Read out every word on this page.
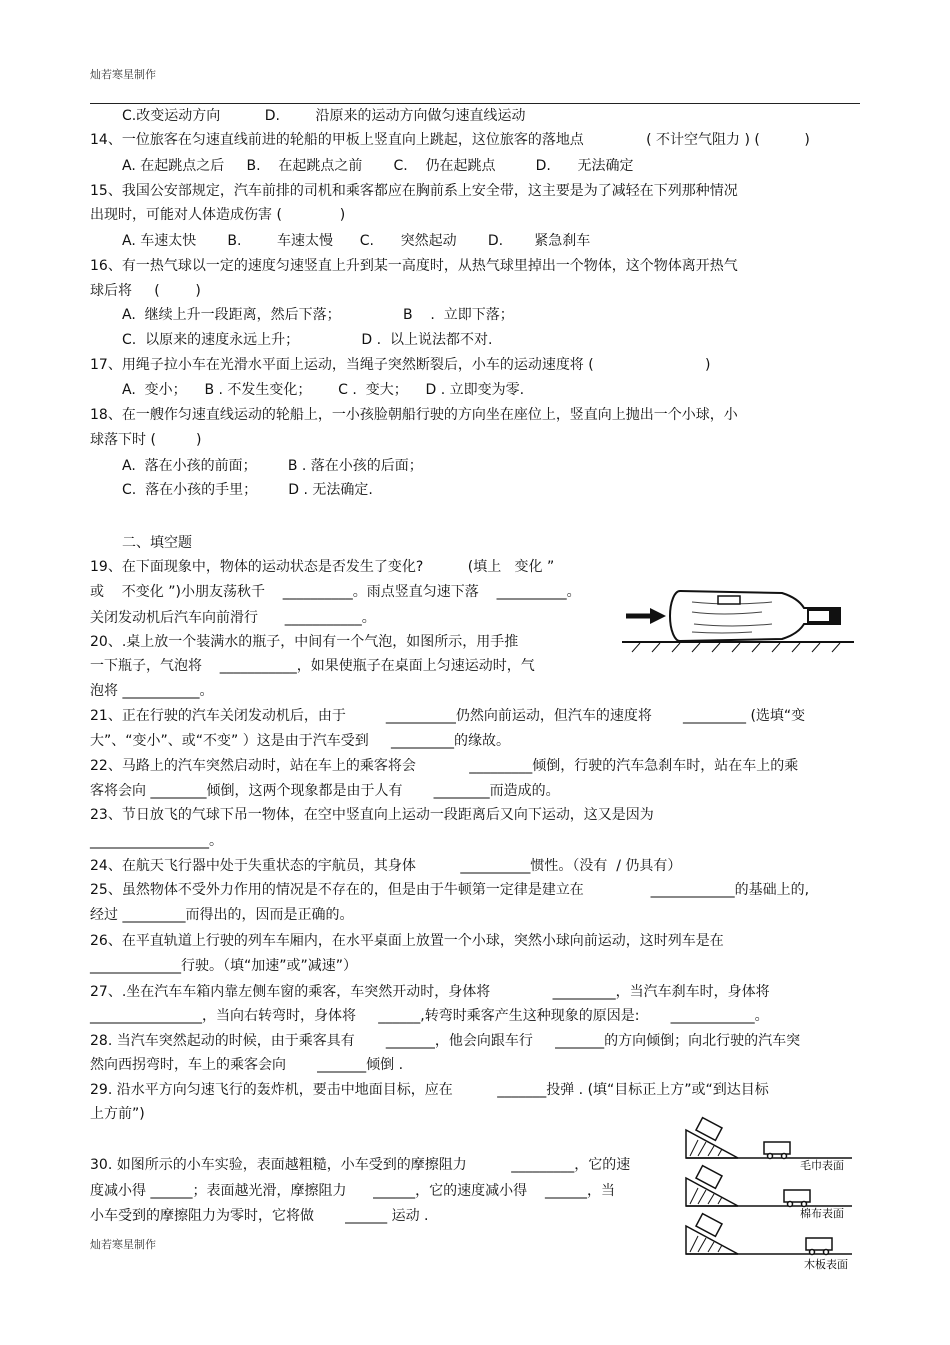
灿若寒星制作
C.改变运动方向          D.        沿原来的运动方向做匀速直线运动
14、一位旅客在匀速直线前进的轮船的甲板上竖直向上跳起，这位旅客的落地点              ( 不计空气阻力 ) (          )
A. 在起跳点之后     B.    在起跳点之前       C.    仍在起跳点         D.      无法确定
15、我国公安部规定，汽车前排的司机和乘客都应在胸前系上安全带，这主要是为了减轻在下列那种情况
出现时，可能对人体造成伤害 (             )
A. 车速太快       B.        车速太慢      C.      突然起动       D.       紧急刹车
16、有一热气球以一定的速度匀速竖直上升到某一高度时，从热气球里掉出一个物体，这个物体离开热气
球后将     (        )
A.  继续上升一段距离，然后下落；              B    .  立即下落；
C.  以原来的速度永远上升；              D .  以上说法都不对.
17、用绳子拉小车在光滑水平面上运动，当绳子突然断裂后，小车的运动速度将 (                         )
A.  变小；    B . 不发生变化；      C .  变大；    D . 立即变为零.
18、在一艘作匀速直线运动的轮船上，一小孩脸朝船行驶的方向坐在座位上，竖直向上抛出一个小球，小
球落下时 (         )
A.  落在小孩的前面；       B . 落在小孩的后面；
C.  落在小孩的手里；       D . 无法确定.
二、填空题
19、在下面现象中，物体的运动状态是否发生了变化?          (填上   变化 ”
或    不变化 ”)小朋友荡秋千    __________。雨点竖直匀速下落    __________。
关闭发动机后汽车向前滑行      ___________。
20、.桌上放一个装满水的瓶子，中间有一个气泡，如图所示，用手推
一下瓶子，气泡将    ___________，如果使瓶子在桌面上匀速运动时，气
泡将 ___________。
21、正在行驶的汽车关闭发动机后，由于         __________仍然向前运动，但汽车的速度将       _________ (选填“变
大”、“变小”、或“不变” ）这是由于汽车受到     _________的缘故。
22、马路上的汽车突然启动时，站在车上的乘客将会            _________倾倒，行驶的汽车急刹车时，站在车上的乘
客将会向 ________倾倒，这两个现象都是由于人有       ________而造成的。
23、节日放飞的气球下吊一物体，在空中竖直向上运动一段距离后又向下运动，这又是因为
_________________。
24、在航天飞行器中处于失重状态的宇航员，其身体          __________惯性。（没有  / 仍具有）
25、虽然物体不受外力作用的情况是不存在的，但是由于牛顿第一定律是建立在               ____________的基础上的,
经过 _________而得出的，因而是正确的。
26、在平直轨道上行驶的列车车厢内，在水平桌面上放置一个小球，突然小球向前运动，这时列车是在
_____________行驶。（填“加速”或”减速”）
27、.坐在汽车车箱内靠左侧车窗的乘客，车突然开动时，身体将              _________，当汽车刹车时，身体将
________________，当向右转弯时，身体将     ______,转弯时乘客产生这种现象的原因是:       ____________。
28. 当汽车突然起动的时候，由于乘客具有       _______，他会向跟车行     _______的方向倾倒；向北行驶的汽车突
然向西拐弯时，车上的乘客会向       _______倾倒 .
29. 沿水平方向匀速飞行的轰炸机，要击中地面目标，应在          _______投弹 . (填“目标正上方”或“到达目标
上方前”)
30. 如图所示的小车实验，表面越粗糙，小车受到的摩擦阻力          _________，它的速
度减小得 ______；表面越光滑，摩擦阻力      ______，它的速度减小得    ______，当
小车受到的摩擦阻力为零时，它将做       ______ 运动 .
灿若寒星制作
毛巾表面
棉布表面
木板表面
